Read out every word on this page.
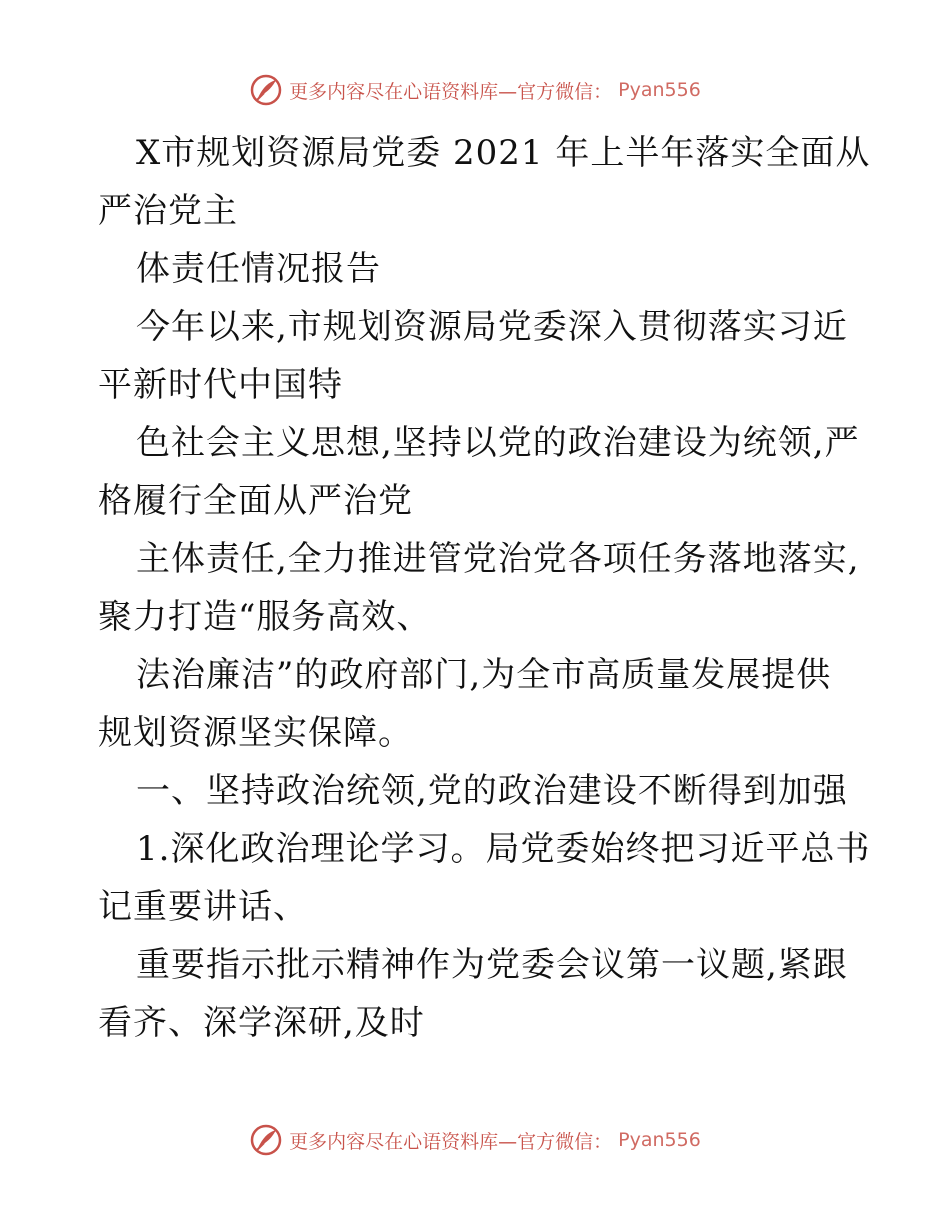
更多内容尽在心语资料库—官方微信： Pyan556

X市规划资源局党委 2021 年上半年落实全面从

严治党主

体责任情况报告

今年以来,市规划资源局党委深入贯彻落实习近

平新时代中国特

色社会主义思想,坚持以党的政治建设为统领,严

格履行全面从严治党

主体责任,全力推进管党治党各项任务落地落实,

聚力打造“服务高效、

法治廉洁”的政府部门,为全市高质量发展提供

规划资源坚实保障。

一、坚持政治统领,党的政治建设不断得到加强

1.深化政治理论学习。局党委始终把习近平总书

记重要讲话、

重要指示批示精神作为党委会议第一议题,紧跟

看齐、深学深研,及时

更多内容尽在心语资料库—官方微信： Pyan556
